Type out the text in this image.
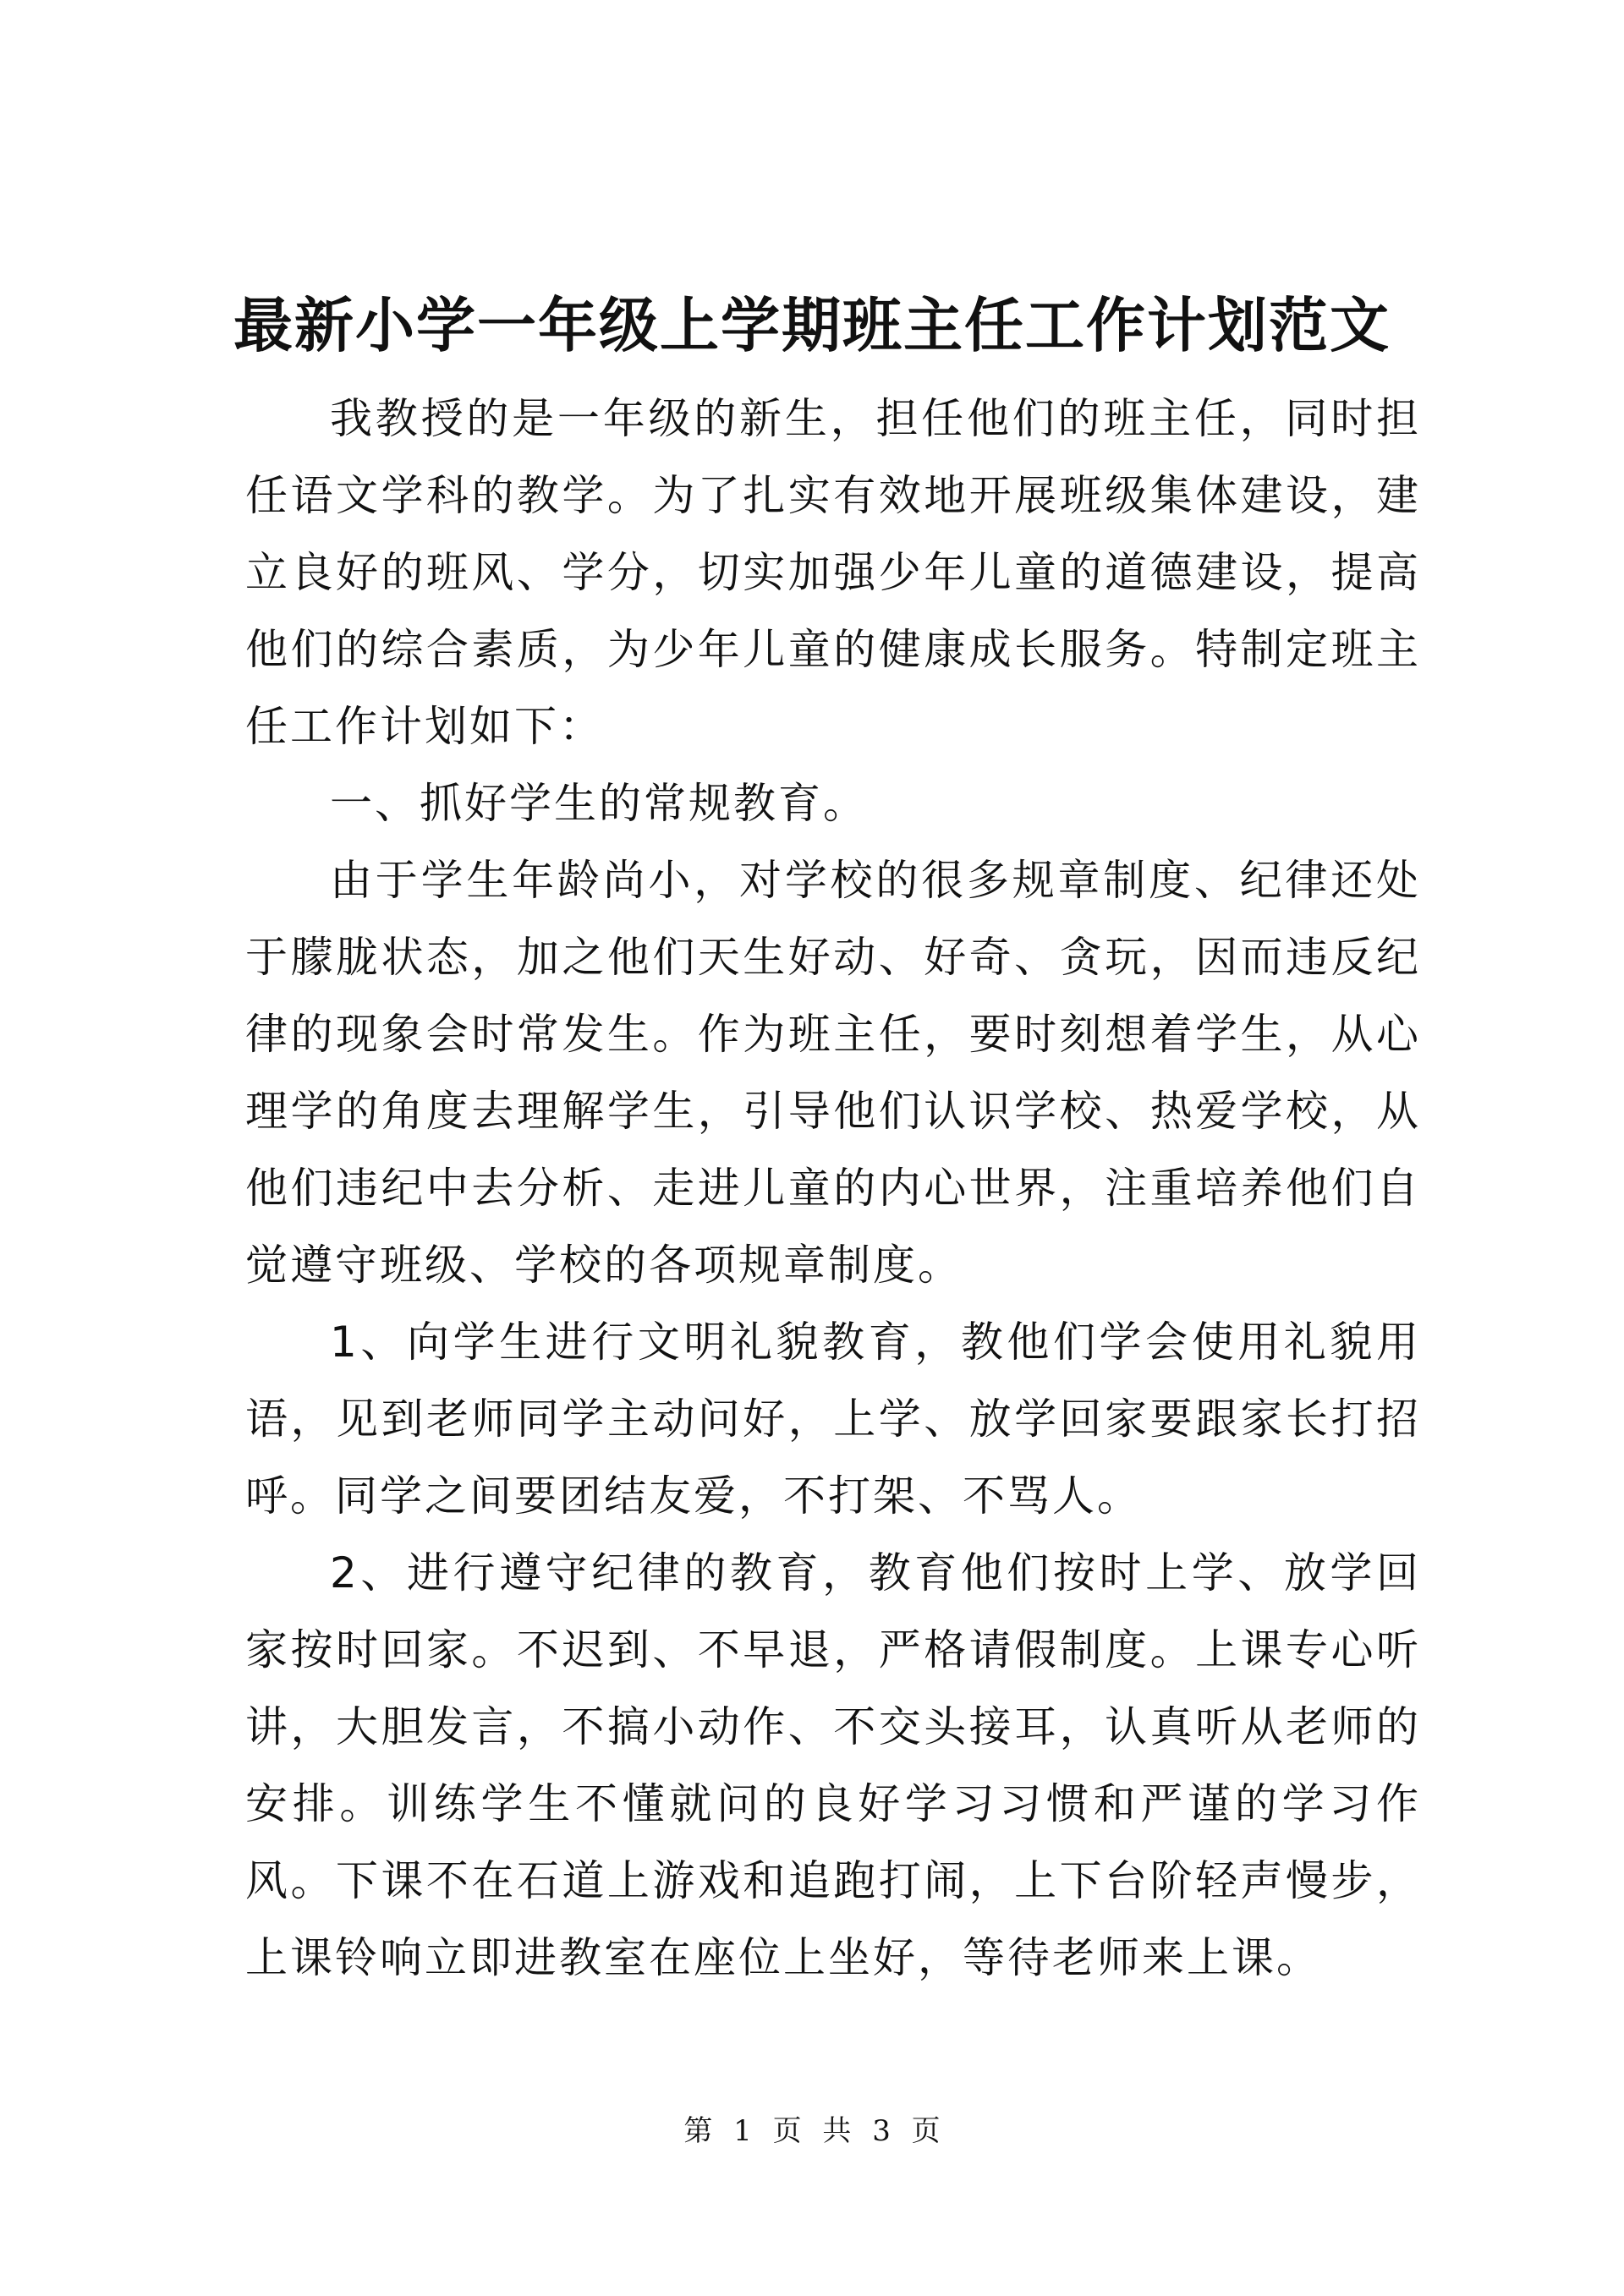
最新小学一年级上学期班主任工作计划范文

我教授的是一年级的新生，担任他们的班主任，同时担任语文学科的教学。为了扎实有效地开展班级集体建设，建立良好的班风、学分，切实加强少年儿童的道德建设，提高他们的综合素质，为少年儿童的健康成长服务。特制定班主任工作计划如下：

一、抓好学生的常规教育。

由于学生年龄尚小，对学校的很多规章制度、纪律还处于朦胧状态，加之他们天生好动、好奇、贪玩，因而违反纪律的现象会时常发生。作为班主任，要时刻想着学生，从心理学的角度去理解学生，引导他们认识学校、热爱学校，从他们违纪中去分析、走进儿童的内心世界，注重培养他们自觉遵守班级、学校的各项规章制度。

1、向学生进行文明礼貌教育，教他们学会使用礼貌用语，见到老师同学主动问好，上学、放学回家要跟家长打招呼。同学之间要团结友爱，不打架、不骂人。

2、进行遵守纪律的教育，教育他们按时上学、放学回家按时回家。不迟到、不早退，严格请假制度。上课专心听讲，大胆发言，不搞小动作、不交头接耳，认真听从老师的安排。训练学生不懂就问的良好学习习惯和严谨的学习作风。下课不在石道上游戏和追跑打闹，上下台阶轻声慢步，上课铃响立即进教室在座位上坐好，等待老师来上课。

第 1 页 共 3 页
